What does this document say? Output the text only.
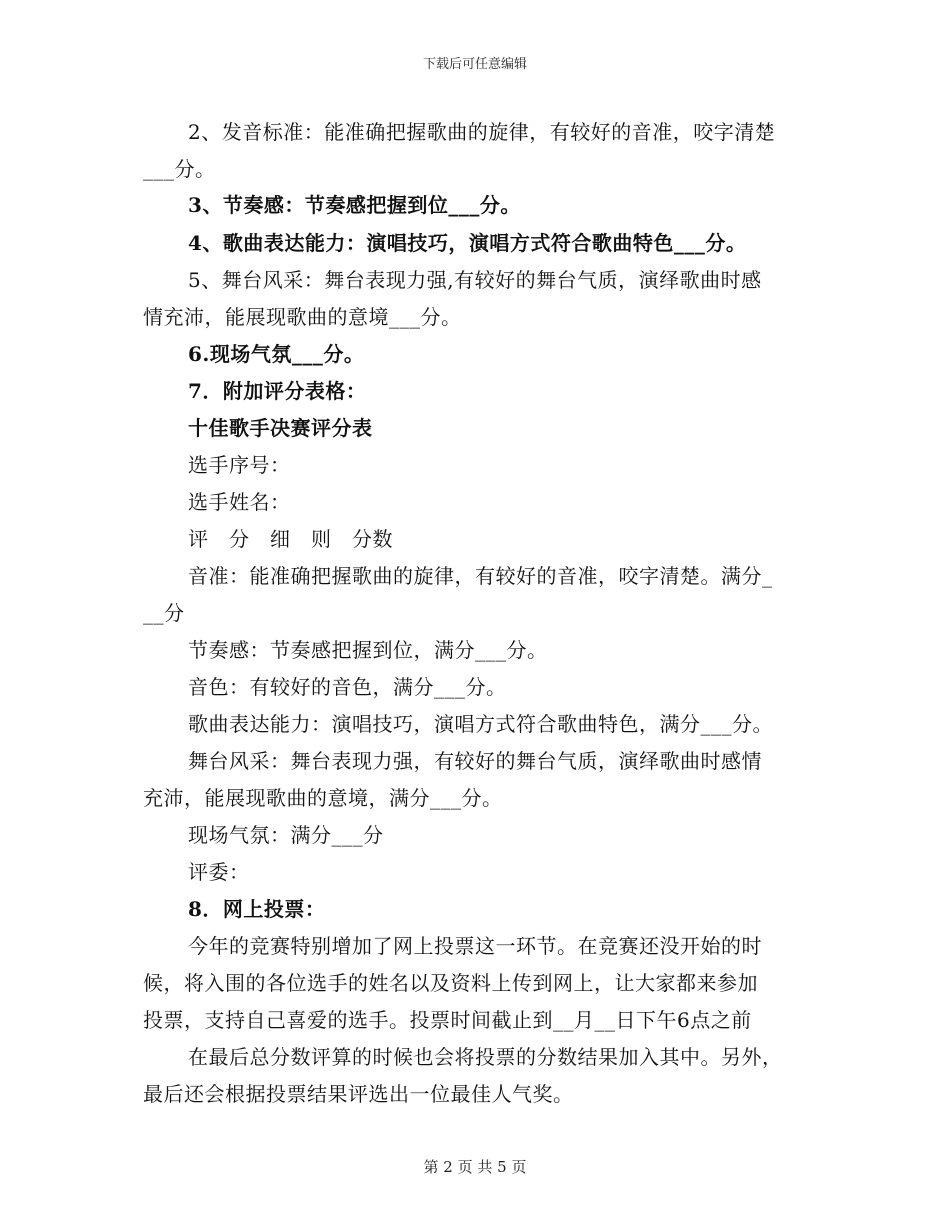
下载后可任意编辑
2、发音标准：能准确把握歌曲的旋律，有较好的音准，咬字清楚
___分。
3、节奏感：节奏感把握到位___分。
4、歌曲表达能力：演唱技巧，演唱方式符合歌曲特色___分。
5、舞台风采：舞台表现力强,有较好的舞台气质，演绎歌曲时感
情充沛，能展现歌曲的意境___分。
6.现场气氛___分。
7．附加评分表格：
十佳歌手决赛评分表
选手序号：
选手姓名：
评　分　细　则　分数
音准：能准确把握歌曲的旋律，有较好的音准，咬字清楚。满分_
__分
节奏感：节奏感把握到位，满分___分。
音色：有较好的音色，满分___分。
歌曲表达能力：演唱技巧，演唱方式符合歌曲特色，满分___分。
舞台风采：舞台表现力强，有较好的舞台气质，演绎歌曲时感情
充沛，能展现歌曲的意境，满分___分。
现场气氛：满分___分
评委：
8．网上投票：
今年的竞赛特别增加了网上投票这一环节。在竞赛还没开始的时
候，将入围的各位选手的姓名以及资料上传到网上，让大家都来参加
投票，支持自己喜爱的选手。投票时间截止到__月__日下午6点之前
在最后总分数评算的时候也会将投票的分数结果加入其中。另外，
最后还会根据投票结果评选出一位最佳人气奖。
第 2 页 共 5 页
